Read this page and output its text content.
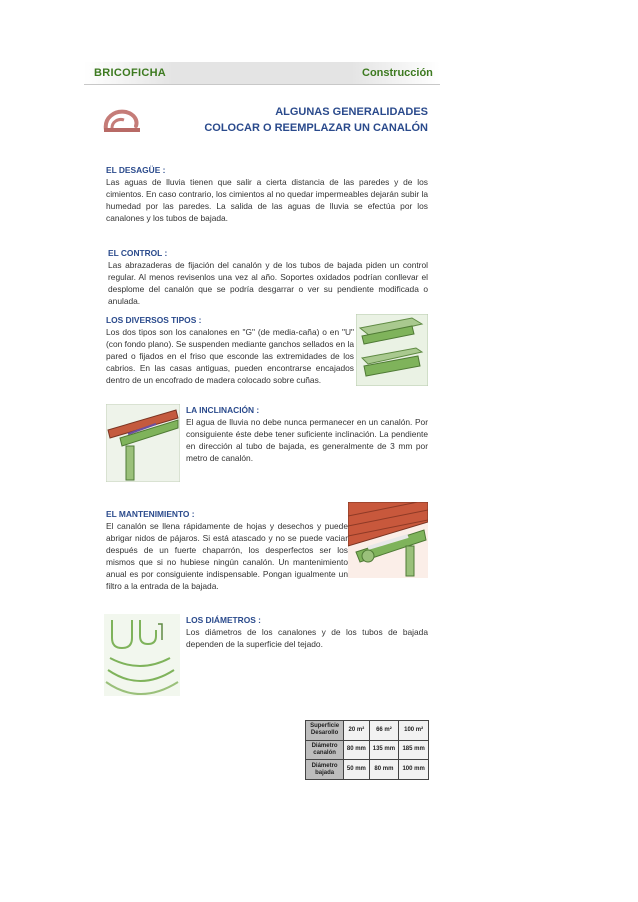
BRICOFICHA	Construcción
ALGUNAS GENERALIDADES
COLOCAR O REEMPLAZAR UN CANALÓN
EL DESAGÜE :
Las aguas de lluvia tienen que salir a cierta distancia de las paredes y de los cimientos. En caso contrario, los cimientos al no quedar impermeables dejarán subir la humedad por las paredes. La salida de las aguas de lluvia se efectúa por los canalones y los tubos de bajada.
EL CONTROL :
Las abrazaderas de fijación del canalón y de los tubos de bajada piden un control regular. Al menos revisenlos una vez al año. Soportes oxidados podrían conllevar el desplome del canalón que se podría desgarrar o ver su pendiente modificada o anulada.
LOS DIVERSOS TIPOS :
Los dos tipos son los canalones en "G" (de media-caña) o en "U" (con fondo plano). Se suspenden mediante ganchos sellados en la pared o fijados en el friso que esconde las extremidades de los cabrios. En las casas antiguas, pueden encontrarse encajados dentro de un encofrado de madera colocado sobre cuñas.
LA INCLINACIÓN :
El agua de lluvia no debe nunca permanecer en un canalón. Por consiguiente éste debe tener suficiente inclinación. La pendiente en dirección al tubo de bajada, es generalmente de 3 mm por metro de canalón.
EL MANTENIMIENTO :
El canalón se llena rápidamente de hojas y desechos y puede abrigar nidos de pájaros. Si está atascado y no se puede vaciar después de un fuerte chaparrón, los desperfectos ser los mismos que si no hubiese ningún canalón. Un mantenimiento anual es por consiguiente indispensable. Pongan igualmente un filtro a la entrada de la bajada.
LOS DIÁMETROS :
Los diámetros de los canalones y de los tubos de bajada dependen de la superficie del tejado.
Superficie
Desarollo	20 m²	66 m²	100 m²

Diámetro
canalón	80 mm	135 mm	185 mm

Diámetro
bajada	50 mm	80 mm	100 mm
